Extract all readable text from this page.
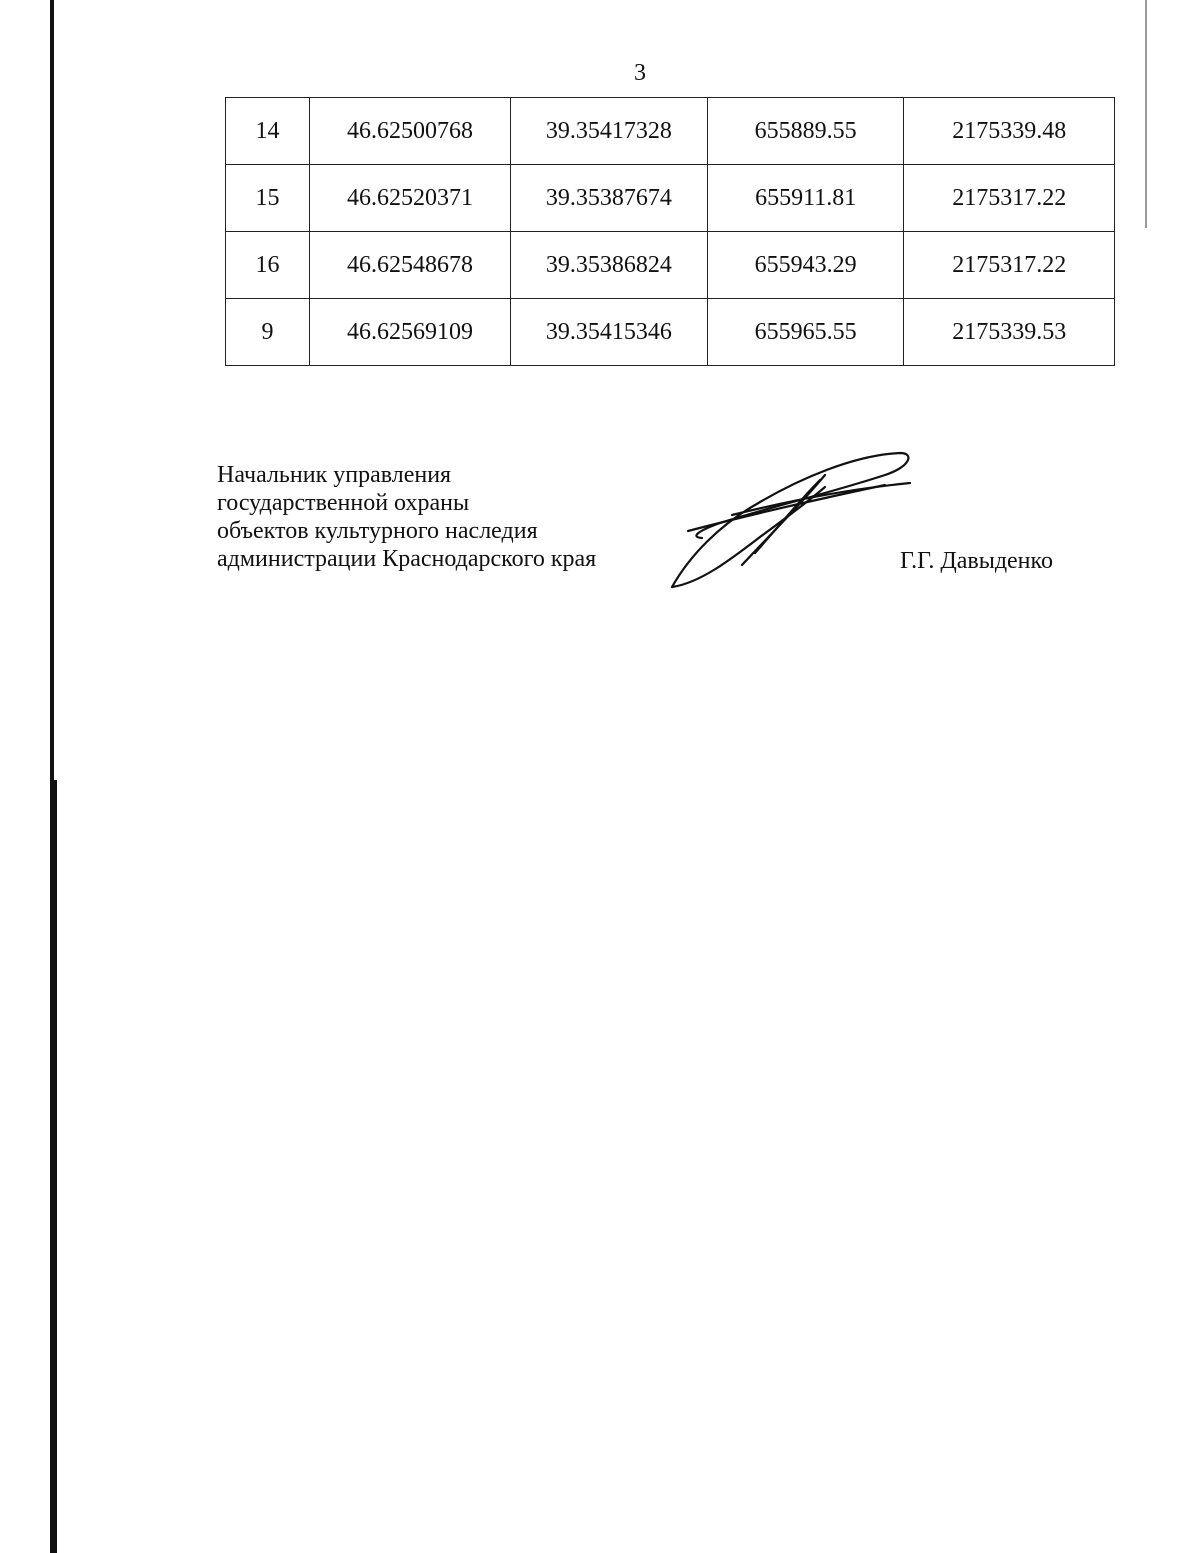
3
14	46.62500768	39.35417328	655889.55	2175339.48
15	46.62520371	39.35387674	655911.81	2175317.22
16	46.62548678	39.35386824	655943.29	2175317.22
9	46.62569109	39.35415346	655965.55	2175339.53
Начальник управления
государственной охраны
объектов культурного наследия
администрации Краснодарского края	Г.Г. Давыденко
